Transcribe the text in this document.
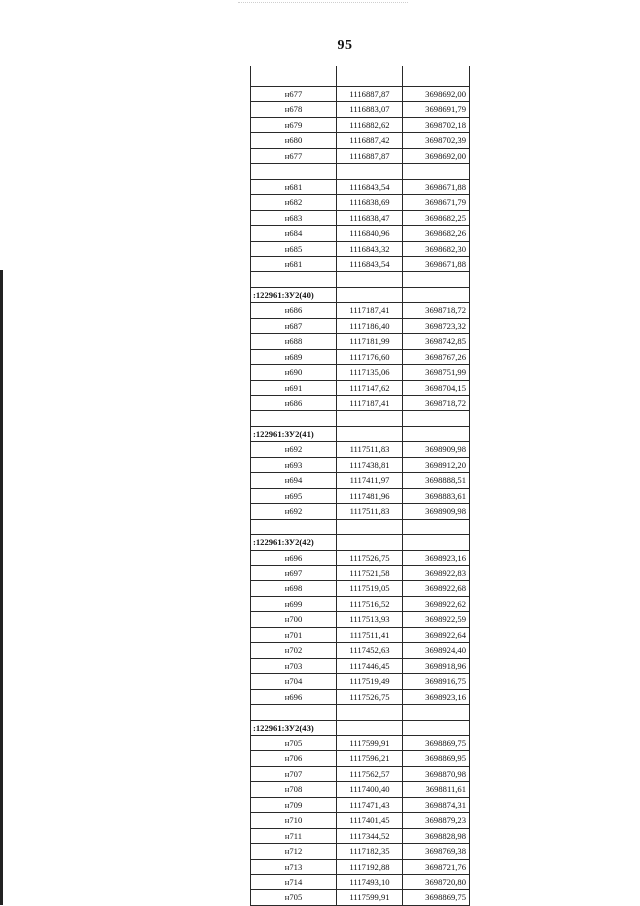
95

н677	1116887,87	3698692,00
н678	1116883,07	3698691,79
н679	1116882,62	3698702,18
н680	1116887,42	3698702,39
н677	1116887,87	3698692,00

н681	1116843,54	3698671,88
н682	1116838,69	3698671,79
н683	1116838,47	3698682,25
н684	1116840,96	3698682,26
н685	1116843,32	3698682,30
н681	1116843,54	3698671,88

:122961:ЗУ2(40)		
н686	1117187,41	3698718,72
н687	1117186,40	3698723,32
н688	1117181,99	3698742,85
н689	1117176,60	3698767,26
н690	1117135,06	3698751,99
н691	1117147,62	3698704,15
н686	1117187,41	3698718,72

:122961:ЗУ2(41)		
н692	1117511,83	3698909,98
н693	1117438,81	3698912,20
н694	1117411,97	3698888,51
н695	1117481,96	3698883,61
н692	1117511,83	3698909,98

:122961:ЗУ2(42)		
н696	1117526,75	3698923,16
н697	1117521,58	3698922,83
н698	1117519,05	3698922,68
н699	1117516,52	3698922,62
н700	1117513,93	3698922,59
н701	1117511,41	3698922,64
н702	1117452,63	3698924,40
н703	1117446,45	3698918,96
н704	1117519,49	3698916,75
н696	1117526,75	3698923,16

:122961:ЗУ2(43)		
н705	1117599,91	3698869,75
н706	1117596,21	3698869,95
н707	1117562,57	3698870,98
н708	1117400,40	3698811,61
н709	1117471,43	3698874,31
н710	1117401,45	3698879,23
н711	1117344,52	3698828,98
н712	1117182,35	3698769,38
н713	1117192,88	3698721,76
н714	1117493,10	3698720,80
н705	1117599,91	3698869,75
